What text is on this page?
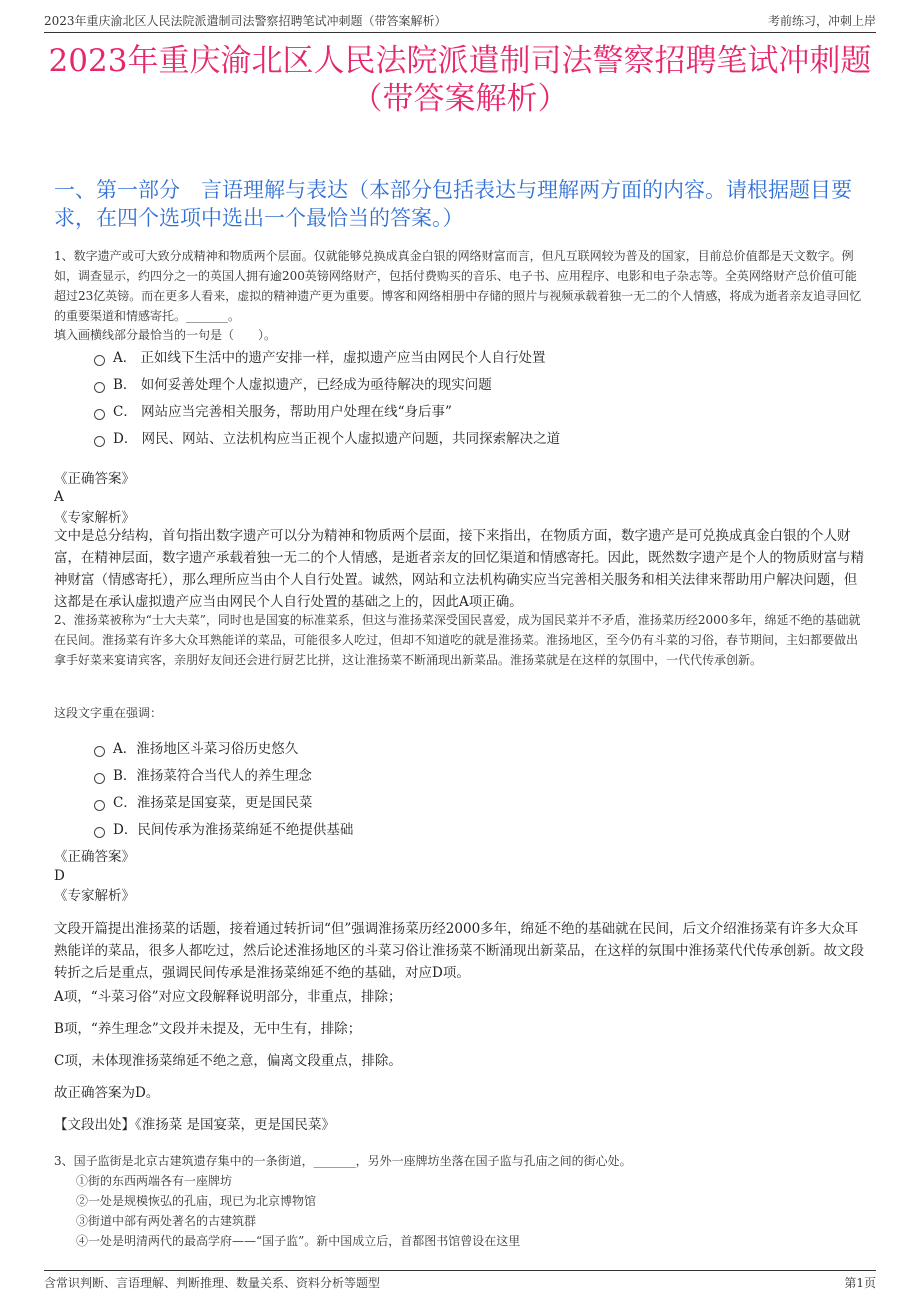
2023年重庆渝北区人民法院派遣制司法警察招聘笔试冲刺题（带答案解析）	考前练习，冲刺上岸
2023年重庆渝北区人民法院派遣制司法警察招聘笔试冲刺题
（带答案解析）
一、第一部分　言语理解与表达（本部分包括表达与理解两方面的内容。请根据题目要求，在四个选项中选出一个最恰当的答案。）
1、数字遗产或可大致分成精神和物质两个层面。仅就能够兑换成真金白银的网络财富而言，但凡互联网较为普及的国家，目前总价值都是天文数字。例如，调查显示，约四分之一的英国人拥有逾200英镑网络财产，包括付费购买的音乐、电子书、应用程序、电影和电子杂志等。全英网络财产总价值可能超过23亿英镑。而在更多人看来，虚拟的精神遗产更为重要。博客和网络相册中存储的照片与视频承载着独一无二的个人情感，将成为逝者亲友追寻回忆的重要渠道和情感寄托。_______。
填入画横线部分最恰当的一句是（　　）。
A． 正如线下生活中的遗产安排一样，虚拟遗产应当由网民个人自行处置
B． 如何妥善处理个人虚拟遗产，已经成为亟待解决的现实问题
C． 网站应当完善相关服务，帮助用户处理在线“身后事”
D． 网民、网站、立法机构应当正视个人虚拟遗产问题，共同探索解决之道
《正确答案》
A
《专家解析》
文中是总分结构，首句指出数字遗产可以分为精神和物质两个层面，接下来指出，在物质方面，数字遗产是可兑换成真金白银的个人财富，在精神层面，数字遗产承载着独一无二的个人情感，是逝者亲友的回忆渠道和情感寄托。因此，既然数字遗产是个人的物质财富与精神财富（情感寄托），那么理所应当由个人自行处置。诚然，网站和立法机构确实应当完善相关服务和相关法律来帮助用户解决问题，但这都是在承认虚拟遗产应当由网民个人自行处置的基础之上的，因此A项正确。
2、淮扬菜被称为“士大夫菜”，同时也是国宴的标准菜系，但这与淮扬菜深受国民喜爱，成为国民菜并不矛盾，淮扬菜历经2000多年，绵延不绝的基础就在民间。淮扬菜有许多大众耳熟能详的菜品，可能很多人吃过，但却不知道吃的就是淮扬菜。淮扬地区，至今仍有斗菜的习俗，春节期间，主妇都要做出拿手好菜来宴请宾客，亲朋好友间还会进行厨艺比拼，这让淮扬菜不断涌现出新菜品。淮扬菜就是在这样的氛围中，一代代传承创新。
这段文字重在强调：
A．淮扬地区斗菜习俗历史悠久
B．淮扬菜符合当代人的养生理念
C．淮扬菜是国宴菜，更是国民菜
D．民间传承为淮扬菜绵延不绝提供基础
《正确答案》
D
《专家解析》
文段开篇提出淮扬菜的话题，接着通过转折词“但”强调淮扬菜历经2000多年，绵延不绝的基础就在民间，后文介绍淮扬菜有许多大众耳熟能详的菜品，很多人都吃过，然后论述淮扬地区的斗菜习俗让淮扬菜不断涌现出新菜品，在这样的氛围中淮扬菜代代传承创新。故文段转折之后是重点，强调民间传承是淮扬菜绵延不绝的基础，对应D项。
A项，“斗菜习俗”对应文段解释说明部分，非重点，排除；
B项，“养生理念”文段并未提及，无中生有，排除；
C项，未体现淮扬菜绵延不绝之意，偏离文段重点，排除。
故正确答案为D。
【文段出处】《淮扬菜 是国宴菜，更是国民菜》
3、国子监街是北京古建筑遗存集中的一条街道，_______，另外一座牌坊坐落在国子监与孔庙之间的街心处。
①街的东西两端各有一座牌坊
②一处是规模恢弘的孔庙，现已为北京博物馆
③街道中部有两处著名的古建筑群
④一处是明清两代的最高学府——“国子监”。新中国成立后，首都图书馆曾设在这里
含常识判断、言语理解、判断推理、数量关系、资料分析等题型	第1页
